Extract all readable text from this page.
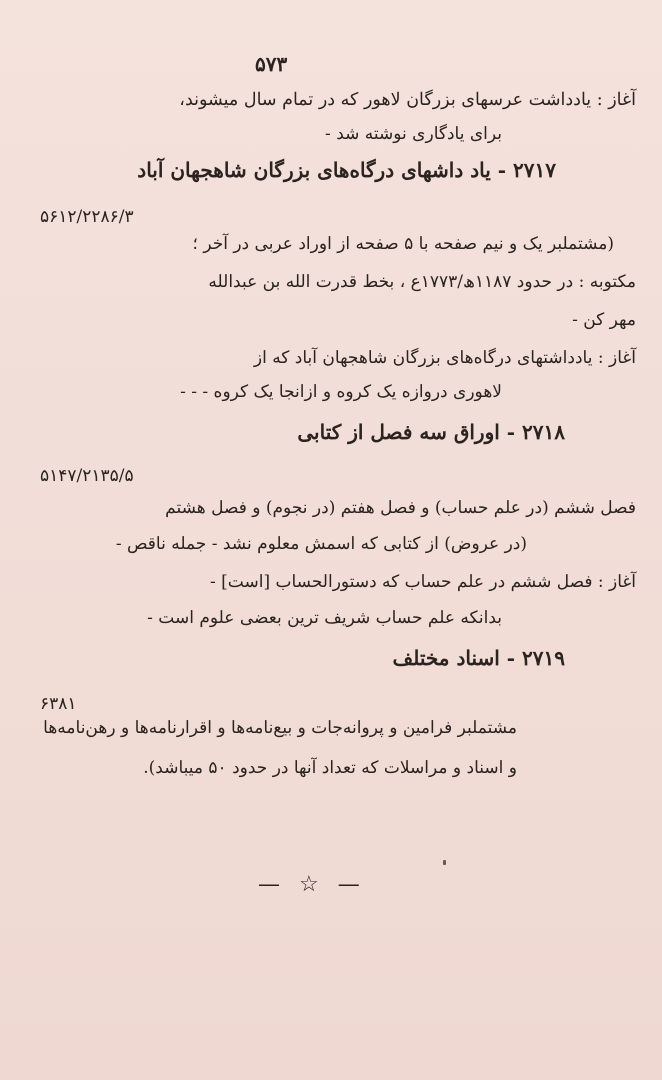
۵۷۳
آغاز : یادداشت عرسهای بزرگان لاهور که در تمام سال میشوند،
برای یادگاری نوشته شد -
۲۷۱۷ - یاد داشهای درگاه‌های بزرگان شاهجهان آباد
۵۶۱۲/۲۲۸۶/۳
(مشتملبر یک و نیم صفحه با ۵ صفحه از اوراد عربی در آخر ؛
مکتوبه : در حدود ۱۱۸۷ھ/۱۷۷۳ع ، بخط قدرت الله بن عبدالله
مهر کن -
آغاز : یادداشتهای درگاه‌های بزرگان شاهجهان آباد که از
لاهوری دروازه یک کروه و ازانجا یک کروه - - -
۲۷۱۸ - اوراق سه فصل از کتابی
۵۱۴۷/۲۱۳۵/۵
فصل ششم (در علم حساب) و فصل هفتم (در نجوم) و فصل هشتم
(در عروض) از کتابی که اسمش معلوم نشد - جمله ناقص -
آغاز : فصل ششم در علم حساب که دستورالحساب [است] -
بدانکه علم حساب شریف ترین بعضی علوم است -
۲۷۱۹ - اسناد مختلف
۶۳۸۱
مشتملبر فرامین و پروانه‌جات و بیع‌نامه‌ها و اقرارنامه‌ها و رهن‌نامه‌ها
و اسناد و مراسلات که تعداد آنها در حدود ۵۰ میباشد).
— ☆ —
